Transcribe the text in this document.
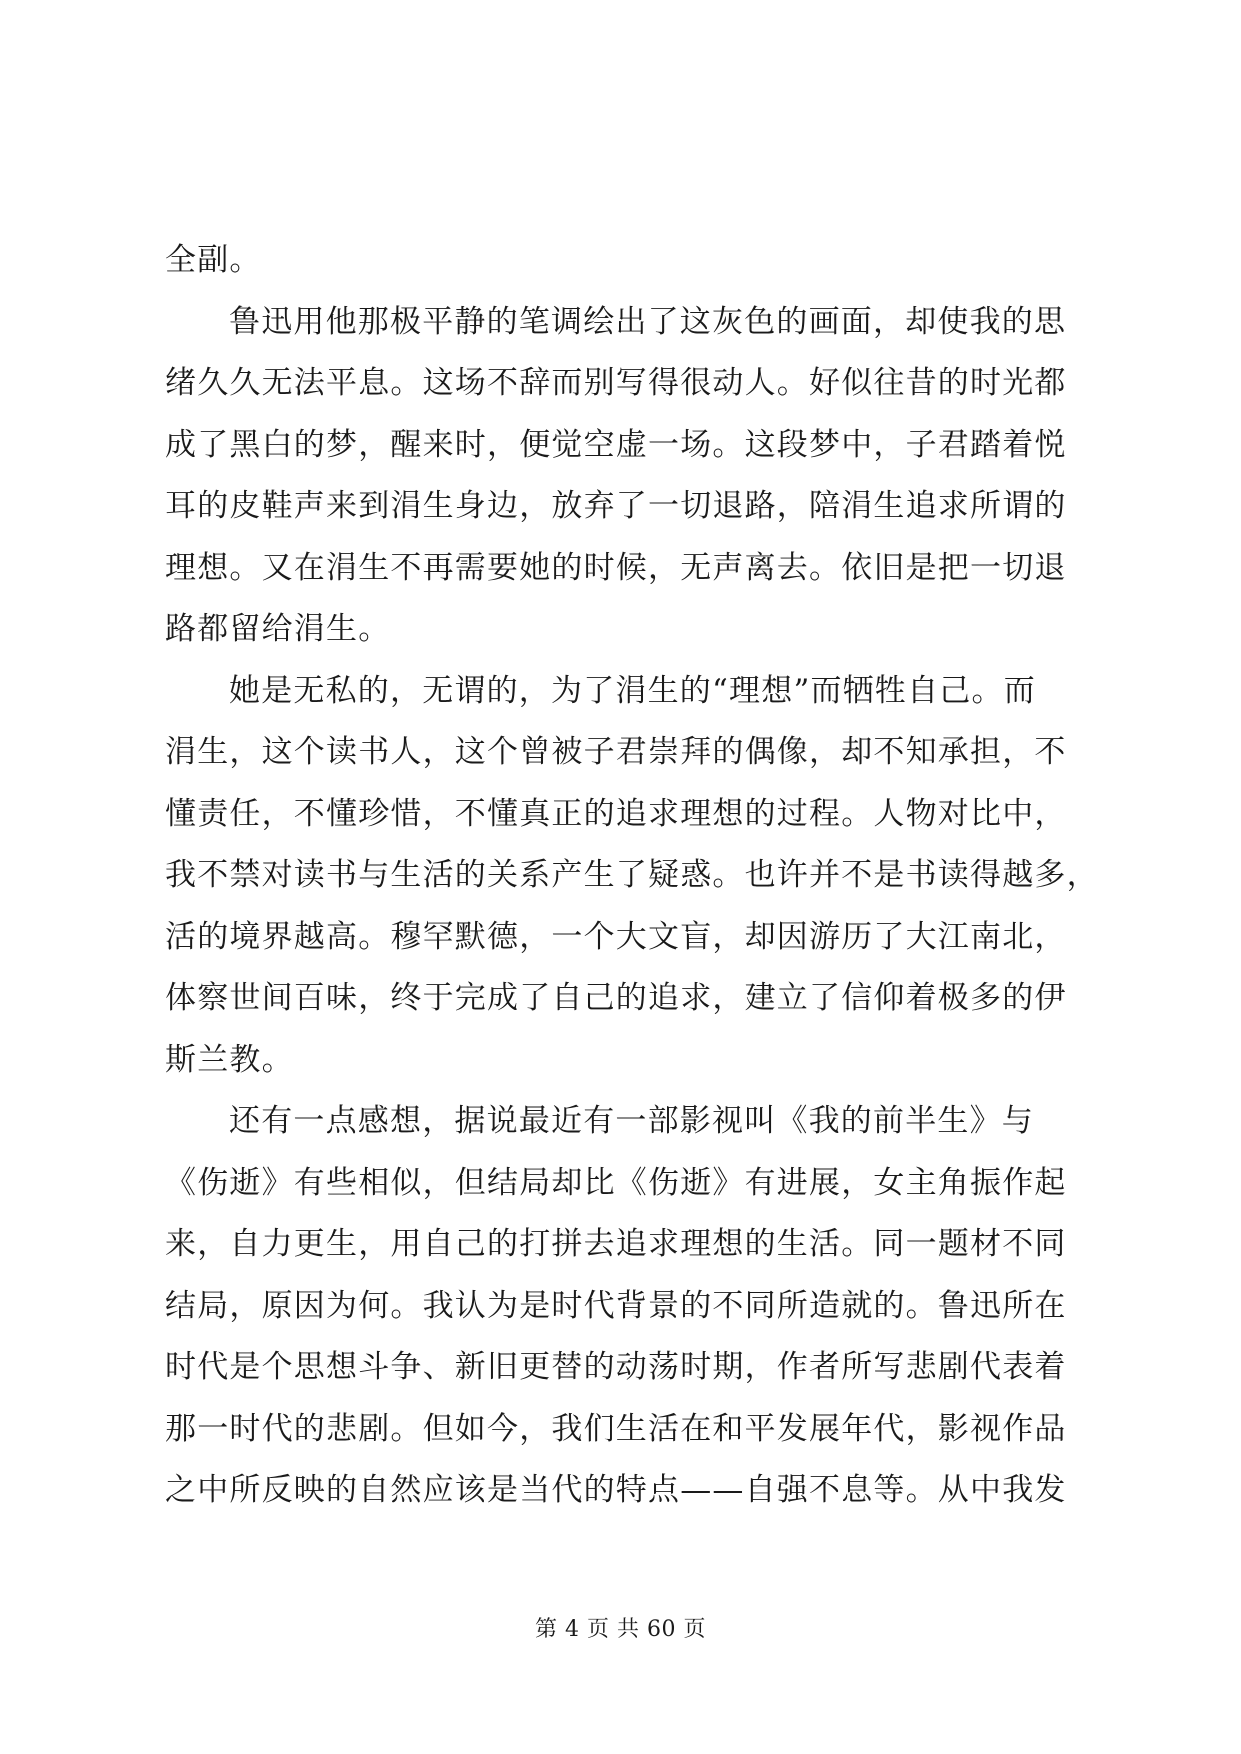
全副。
鲁迅用他那极平静的笔调绘出了这灰色的画面，却使我的思
绪久久无法平息。这场不辞而别写得很动人。好似往昔的时光都
成了黑白的梦，醒来时，便觉空虚一场。这段梦中，子君踏着悦
耳的皮鞋声来到涓生身边，放弃了一切退路，陪涓生追求所谓的
理想。又在涓生不再需要她的时候，无声离去。依旧是把一切退
路都留给涓生。
她是无私的，无谓的，为了涓生的“理想”而牺牲自己。而
涓生，这个读书人，这个曾被子君崇拜的偶像，却不知承担，不
懂责任，不懂珍惜，不懂真正的追求理想的过程。人物对比中，
我不禁对读书与生活的关系产生了疑惑。也许并不是书读得越多，
活的境界越高。穆罕默德，一个大文盲，却因游历了大江南北，
体察世间百味，终于完成了自己的追求，建立了信仰着极多的伊
斯兰教。
还有一点感想，据说最近有一部影视叫《我的前半生》与
《伤逝》有些相似，但结局却比《伤逝》有进展，女主角振作起
来，自力更生，用自己的打拼去追求理想的生活。同一题材不同
结局，原因为何。我认为是时代背景的不同所造就的。鲁迅所在
时代是个思想斗争、新旧更替的动荡时期，作者所写悲剧代表着
那一时代的悲剧。但如今，我们生活在和平发展年代，影视作品
之中所反映的自然应该是当代的特点——自强不息等。从中我发
第 4 页 共 60 页
